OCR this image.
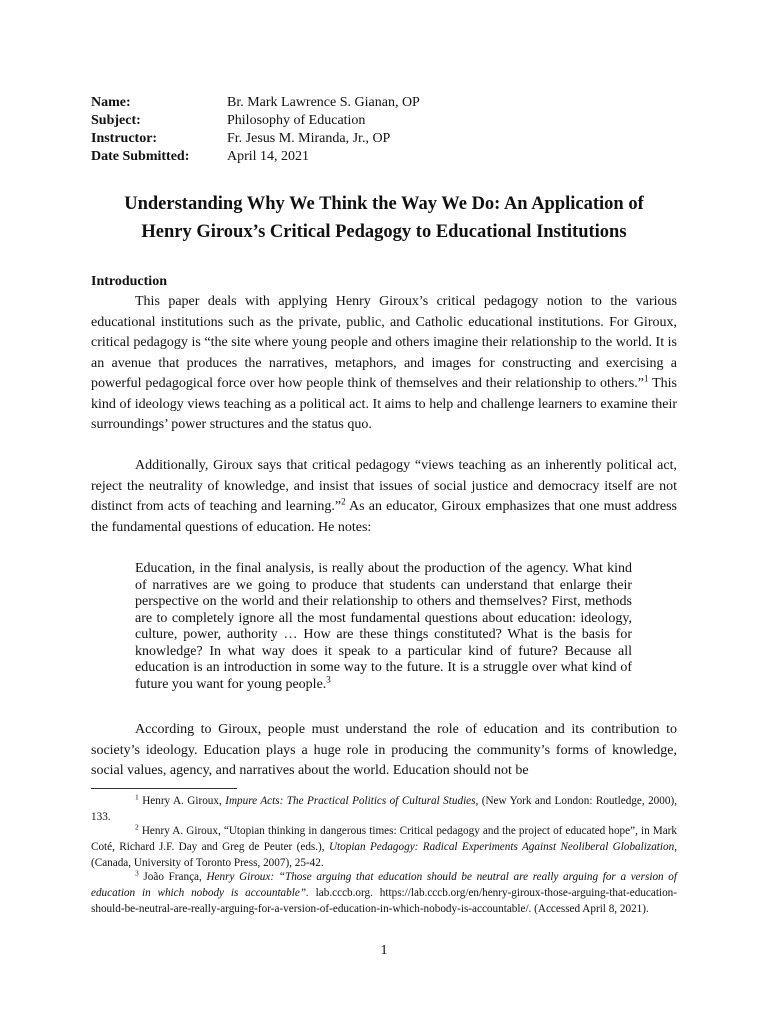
Name:	Br. Mark Lawrence S. Gianan, OP
Subject:	Philosophy of Education
Instructor:	Fr. Jesus M. Miranda, Jr., OP
Date Submitted:	April 14, 2021
Understanding Why We Think the Way We Do: An Application of
Henry Giroux’s Critical Pedagogy to Educational Institutions
Introduction

This paper deals with applying Henry Giroux’s critical pedagogy notion to the various educational institutions such as the private, public, and Catholic educational institutions. For Giroux, critical pedagogy is “the site where young people and others imagine their relationship to the world. It is an avenue that produces the narratives, metaphors, and images for constructing and exercising a powerful pedagogical force over how people think of themselves and their relationship to others.”$^1$ This kind of ideology views teaching as a political act. It aims to help and challenge learners to examine their surroundings’ power structures and the status quo.

Additionally, Giroux says that critical pedagogy “views teaching as an inherently political act, reject the neutrality of knowledge, and insist that issues of social justice and democracy itself are not distinct from acts of teaching and learning.”$^2$ As an educator, Giroux emphasizes that one must address the fundamental questions of education. He notes:

Education, in the final analysis, is really about the production of the agency. What kind of narratives are we going to produce that students can understand that enlarge their perspective on the world and their relationship to others and themselves? First, methods are to completely ignore all the most fundamental questions about education: ideology, culture, power, authority … How are these things constituted? What is the basis for knowledge? In what way does it speak to a particular kind of future? Because all education is an introduction in some way to the future. It is a struggle over what kind of future you want for young people.$^3$

According to Giroux, people must understand the role of education and its contribution to society’s ideology. Education plays a huge role in producing the community’s forms of knowledge, social values, agency, and narratives about the world. Education should not be

$^1$ Henry A. Giroux, Impure Acts: The Practical Politics of Cultural Studies, (New York and London: Routledge, 2000), 133.

$^2$ Henry A. Giroux, “Utopian thinking in dangerous times: Critical pedagogy and the project of educated hope”, in Mark Coté, Richard J.F. Day and Greg de Peuter (eds.), Utopian Pedagogy: Radical Experiments Against Neoliberal Globalization, (Canada, University of Toronto Press, 2007), 25-42.

$^3$ João França, Henry Giroux: “Those arguing that education should be neutral are really arguing for a version of education in which nobody is accountable”. lab.cccb.org. https://lab.cccb.org/en/henry-giroux-those-arguing-that-education-should-be-neutral-are-really-arguing-for-a-version-of-education-in-which-nobody-is-accountable/. (Accessed April 8, 2021).

1
